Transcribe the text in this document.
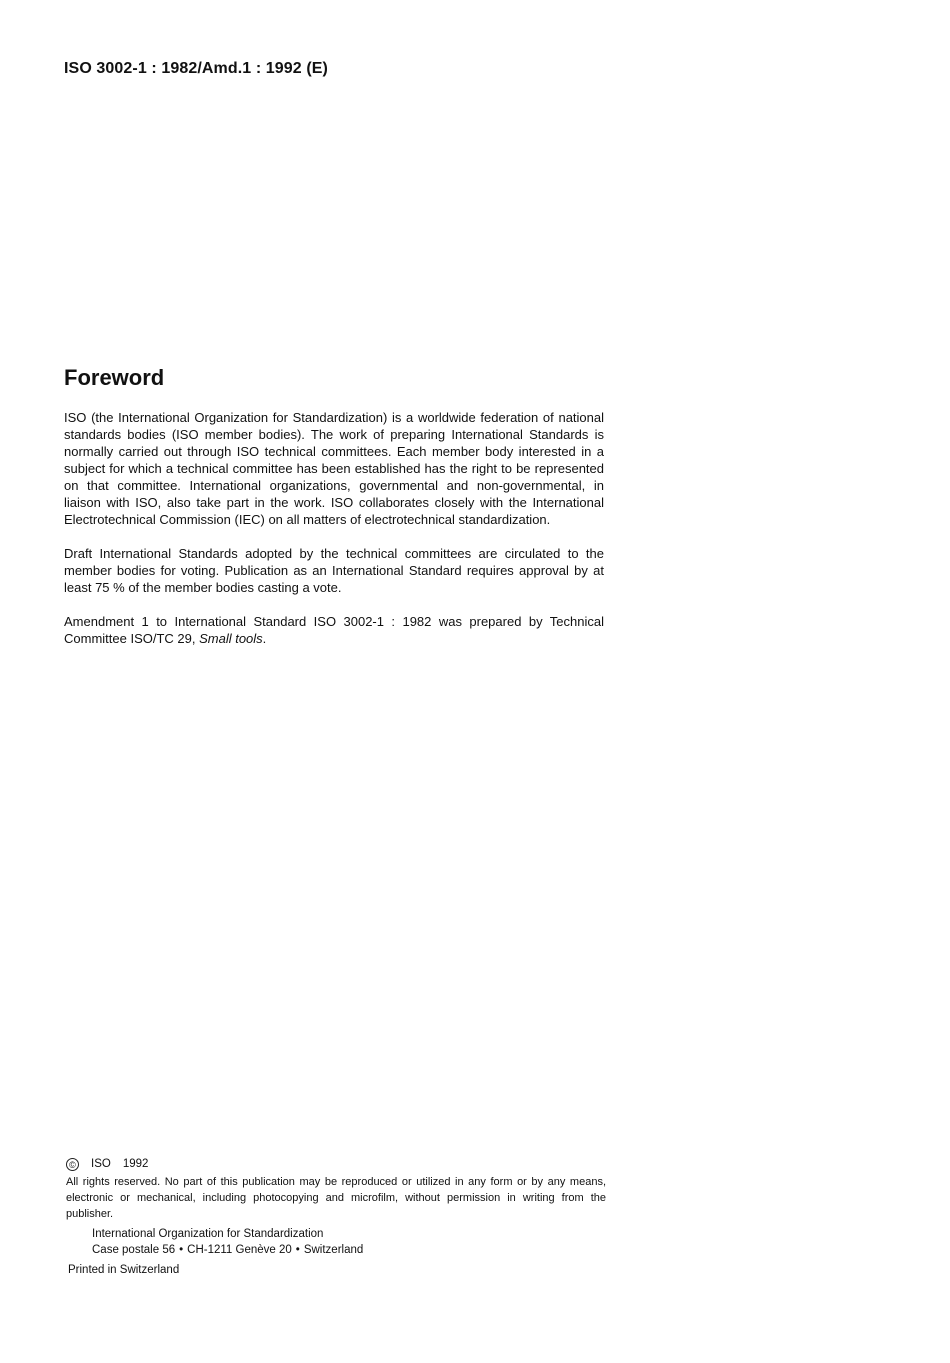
ISO 3002-1 : 1982/Amd.1 : 1992 (E)
Foreword

ISO (the International Organization for Standardization) is a worldwide federation of national standards bodies (ISO member bodies). The work of preparing International Standards is normally carried out through ISO technical committees. Each member body interested in a subject for which a technical committee has been established has the right to be represented on that committee. International organizations, governmental and non-governmental, in liaison with ISO, also take part in the work. ISO collaborates closely with the International Electrotechnical Commission (IEC) on all matters of electrotechnical standardization.

Draft International Standards adopted by the technical committees are circulated to the member bodies for voting. Publication as an International Standard requires approval by at least 75 % of the member bodies casting a vote.

Amendment 1 to International Standard ISO 3002-1 : 1982 was prepared by Technical Committee ISO/TC 29, Small tools.

© ISO 1992
All rights reserved. No part of this publication may be reproduced or utilized in any form or by any means, electronic or mechanical, including photocopying and microfilm, without permission in writing from the publisher.
International Organization for Standardization
Case postale 56 • CH-1211 Genève 20 • Switzerland
Printed in Switzerland
